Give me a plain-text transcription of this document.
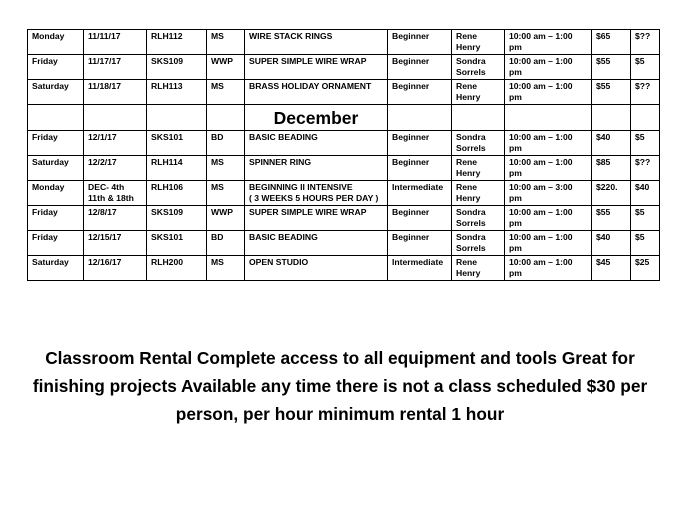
Monday	11/11/17	RLH112	MS	WIRE STACK RINGS	Beginner	Rene
Henry	10:00 am – 1:00 pm	$65	$??
Friday	11/17/17	SKS109	WWP	SUPER SIMPLE WIRE WRAP	Beginner	Sondra
Sorrels	10:00 am – 1:00 pm	$55	$5
Saturday	11/18/17	RLH113	MS	BRASS HOLIDAY ORNAMENT	Beginner	Rene
Henry	10:00 am – 1:00 pm	$55	$??
				December					
Friday	12/1/17	SKS101	BD	BASIC BEADING	Beginner	Sondra
Sorrels	10:00 am – 1:00 pm	$40	$5
Saturday	12/2/17	RLH114	MS	SPINNER RING	Beginner	Rene
Henry	10:00 am – 1:00 pm	$85	$??
Monday	DEC- 4th
11th & 18th	RLH106	MS	BEGINNING II INTENSIVE
( 3 WEEKS 5 HOURS PER DAY )	Intermediate	Rene
Henry	10:00 am – 3:00 pm	$220.	$40
Friday	12/8/17	SKS109	WWP	SUPER SIMPLE WIRE WRAP	Beginner	Sondra
Sorrels	10:00 am – 1:00 pm	$55	$5
Friday	12/15/17	SKS101	BD	BASIC BEADING	Beginner	Sondra
Sorrels	10:00 am – 1:00 pm	$40	$5
Saturday	12/16/17	RLH200	MS	OPEN STUDIO	Intermediate	Rene
Henry	10:00 am – 1:00 pm	$45	$25

Classroom Rental Complete access to all equipment and tools Great for finishing projects Available any time there is not a class scheduled $30 per person, per hour minimum rental 1 hour
